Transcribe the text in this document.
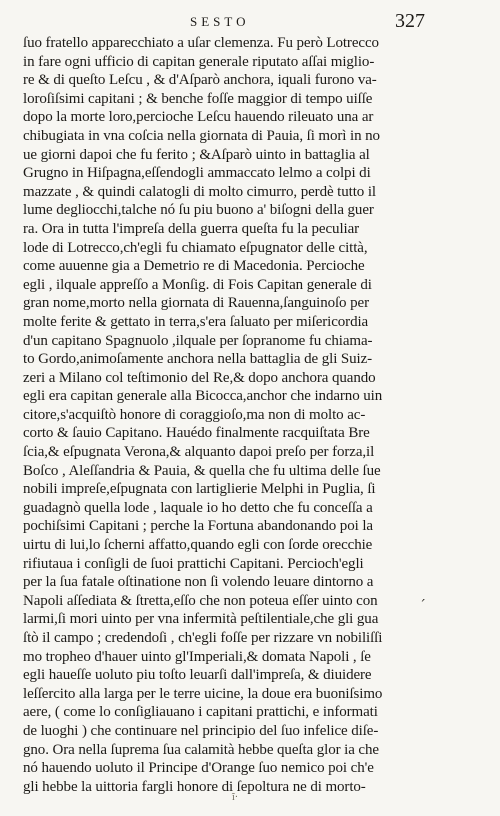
SESTO	327
ſuo fratello apparecchiato a uſar clemenza. Fu però Lotrecco
in fare ogni ufficio di capitan generale riputato aſſai miglio-
re & di queſto Leſcu , & d'Aſparò anchora, iquali furono va-
loroſiſsimi capitani ; & benche foſſe maggior di tempo uiſſe
dopo la morte loro,percioche Leſcu hauendo rileuato una ar
chibugiata in vna coſcia nella giornata di Pauia, ſi morì in no
ue giorni dapoi che fu ferito ; &Aſparò uinto in battaglia al
Grugno in Hiſpagna,eſſendogli ammaccato lelmo a colpi di
mazzate , & quindi calatogli di molto cimurro, perdè tutto il
lume degliocchi,talche nó ſu piu buono a' biſogni della guer
ra. Ora in tutta l'impreſa della guerra queſta fu la peculiar
lode di Lotrecco,ch'egli fu chiamato eſpugnator delle città,
come auuenne gia a Demetrio re di Macedonia. Percioche
egli , ilquale appreſſo a Monſig. di Fois Capitan generale di
gran nome,morto nella giornata di Rauenna,ſanguinoſo per
molte ferite & gettato in terra,s'era ſaluato per miſericordia
d'un capitano Spagnuolo ,ilquale per ſopranome fu chiama-
to Gordo,animoſamente anchora nella battaglia de gli Suiz-
zeri a Milano col teſtimonio del Re,& dopo anchora quando
egli era capitan generale alla Bicocca,anchor che indarno uin
citore,s'acquiſtò honore di coraggioſo,ma non di molto ac-
corto & ſauio Capitano. Hauédo finalmente racquiſtata Bre
ſcia,& eſpugnata Verona,& alquanto dapoi preſo per forza,il
Boſco , Aleſſandria & Pauia, & quella che fu ultima delle ſue
nobili impreſe,eſpugnata con lartiglierie Melphi in Puglia, ſi
guadagnò quella lode , laquale io ho detto che fu conceſſa a
pochiſsimi Capitani ; perche la Fortuna abandonando poi la
uirtu di lui,lo ſcherni affatto,quando egli con ſorde orecchie
rifiutaua i conſigli de ſuoi prattichi Capitani. Percioch'egli
per la ſua fatale oſtinatione non ſi volendo leuare dintorno a
Napoli aſſediata & ſtretta,eſſo che non poteua eſſer uinto con
larmi,ſi mori uinto per vna infermità peſtilentiale,che gli gua
ſtò il campo ; credendoſi , ch'egli foſſe per rizzare vn nobiliſſi
mo tropheo d'hauer uinto gl'Imperiali,& domata Napoli , ſe
egli haueſſe uoluto piu toſto leuarſi dall'impreſa, & diuidere
leſſercito alla larga per le terre uicine, la doue era buoniſsimo
aere, ( come lo conſigliauano i capitani prattichi, e informati
de luoghi ) che continuare nel principio del ſuo infelice diſe-
gno. Ora nella ſuprema ſua calamità hebbe queſta glor ia che
nó hauendo uoluto il Principe d'Orange ſuo nemico poi ch'e
gli hebbe la uittoria fargli honore di ſepoltura ne di morto-
ˊ
ĩ·
